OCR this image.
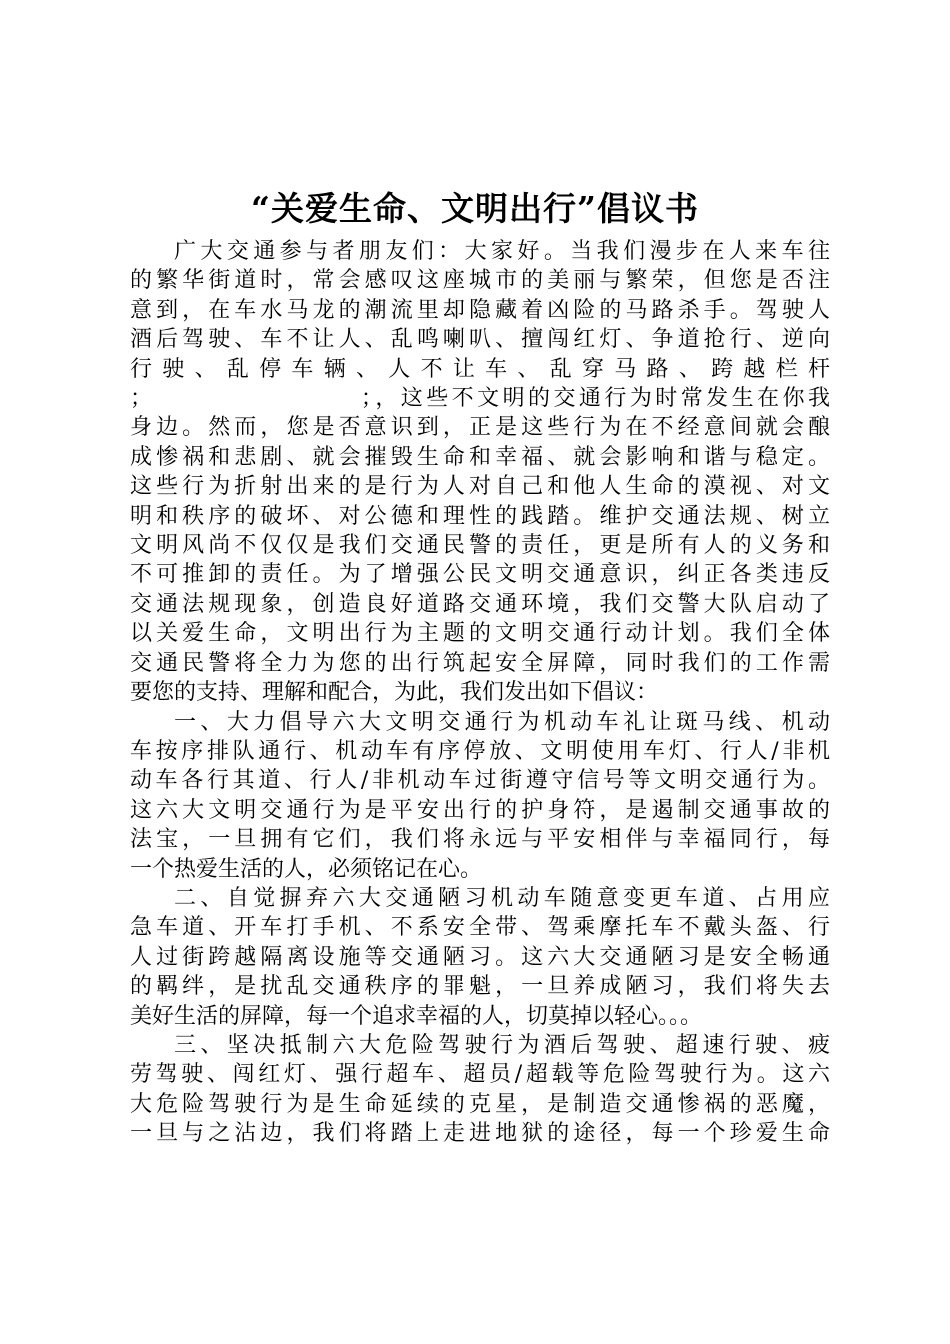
“关爱生命、文明出行”倡议书
广大交通参与者朋友们：大家好。当我们漫步在人来车往
的繁华街道时，常会感叹这座城市的美丽与繁荣，但您是否注
意到，在车水马龙的潮流里却隐藏着凶险的马路杀手。驾驶人
酒后驾驶、车不让人、乱鸣喇叭、擅闯红灯、争道抢行、逆向
行驶、乱停车辆、人不让车、乱穿马路、跨越栏杆
；                    ；，这些不文明的交通行为时常发生在你我
身边。然而，您是否意识到，正是这些行为在不经意间就会酿
成惨祸和悲剧、就会摧毁生命和幸福、就会影响和谐与稳定。
这些行为折射出来的是行为人对自己和他人生命的漠视、对文
明和秩序的破坏、对公德和理性的践踏。维护交通法规、树立
文明风尚不仅仅是我们交通民警的责任，更是所有人的义务和
不可推卸的责任。为了增强公民文明交通意识，纠正各类违反
交通法规现象，创造良好道路交通环境，我们交警大队启动了
以关爱生命，文明出行为主题的文明交通行动计划。我们全体
交通民警将全力为您的出行筑起安全屏障，同时我们的工作需
要您的支持、理解和配合，为此，我们发出如下倡议：
一、大力倡导六大文明交通行为机动车礼让斑马线、机动
车按序排队通行、机动车有序停放、文明使用车灯、行人/非机
动车各行其道、行人/非机动车过街遵守信号等文明交通行为。
这六大文明交通行为是平安出行的护身符，是遏制交通事故的
法宝，一旦拥有它们，我们将永远与平安相伴与幸福同行，每
一个热爱生活的人，必须铭记在心。
二、自觉摒弃六大交通陋习机动车随意变更车道、占用应
急车道、开车打手机、不系安全带、驾乘摩托车不戴头盔、行
人过街跨越隔离设施等交通陋习。这六大交通陋习是安全畅通
的羁绊，是扰乱交通秩序的罪魁，一旦养成陋习，我们将失去
美好生活的屏障，每一个追求幸福的人，切莫掉以轻心。。。
三、坚决抵制六大危险驾驶行为酒后驾驶、超速行驶、疲
劳驾驶、闯红灯、强行超车、超员/超载等危险驾驶行为。这六
大危险驾驶行为是生命延续的克星，是制造交通惨祸的恶魔，
一旦与之沾边，我们将踏上走进地狱的途径，每一个珍爱生命
